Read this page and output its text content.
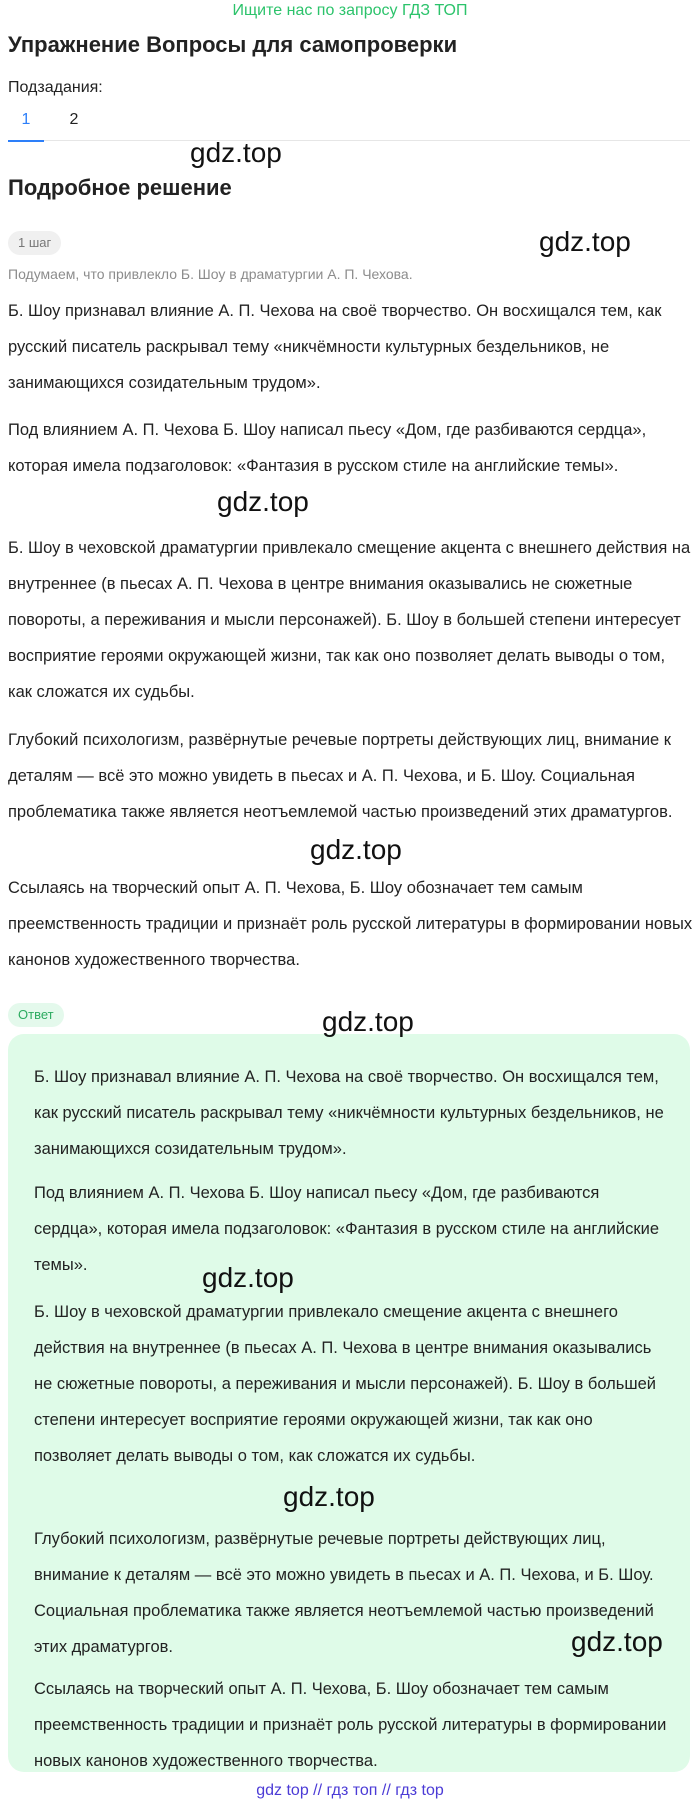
Ищите нас по запросу ГДЗ ТОП
Упражнение Вопросы для самопроверки
Подзадания:
1	2
Подробное решение
1 шаг
Подумаем, что привлекло Б. Шоу в драматургии А. П. Чехова.

Б. Шоу признавал влияние А. П. Чехова на своё творчество. Он восхищался тем, как русский писатель раскрывал тему «никчёмности культурных бездельников, не занимающихся созидательным трудом».

Под влиянием А. П. Чехова Б. Шоу написал пьесу «Дом, где разбиваются сердца», которая имела подзаголовок: «Фантазия в русском стиле на английские темы».

Б. Шоу в чеховской драматургии привлекало смещение акцента с внешнего действия на внутреннее (в пьесах А. П. Чехова в центре внимания оказывались не сюжетные повороты, а переживания и мысли персонажей). Б. Шоу в большей степени интересует восприятие героями окружающей жизни, так как оно позволяет делать выводы о том, как сложатся их судьбы.

Глубокий психологизм, развёрнутые речевые портреты действующих лиц, внимание к деталям — всё это можно увидеть в пьесах и А. П. Чехова, и Б. Шоу. Социальная проблематика также является неотъемлемой частью произведений этих драматургов.

Ссылаясь на творческий опыт А. П. Чехова, Б. Шоу обозначает тем самым преемственность традиции и признаёт роль русской литературы в формировании новых канонов художественного творчества.

Ответ

Б. Шоу признавал влияние А. П. Чехова на своё творчество. Он восхищался тем, как русский писатель раскрывал тему «никчёмности культурных бездельников, не занимающихся созидательным трудом».

Под влиянием А. П. Чехова Б. Шоу написал пьесу «Дом, где разбиваются сердца», которая имела подзаголовок: «Фантазия в русском стиле на английские темы».

Б. Шоу в чеховской драматургии привлекало смещение акцента с внешнего действия на внутреннее (в пьесах А. П. Чехова в центре внимания оказывались не сюжетные повороты, а переживания и мысли персонажей). Б. Шоу в большей степени интересует восприятие героями окружающей жизни, так как оно позволяет делать выводы о том, как сложатся их судьбы.

Глубокий психологизм, развёрнутые речевые портреты действующих лиц, внимание к деталям — всё это можно увидеть в пьесах и А. П. Чехова, и Б. Шоу. Социальная проблематика также является неотъемлемой частью произведений этих драматургов.

Ссылаясь на творческий опыт А. П. Чехова, Б. Шоу обозначает тем самым преемственность традиции и признаёт роль русской литературы в формировании новых канонов художественного творчества.

gdz.top
gdz.top
gdz.top
gdz.top
gdz.top
gdz.top
gdz.top
gdz.top
gdz top // гдз топ // гдз top
